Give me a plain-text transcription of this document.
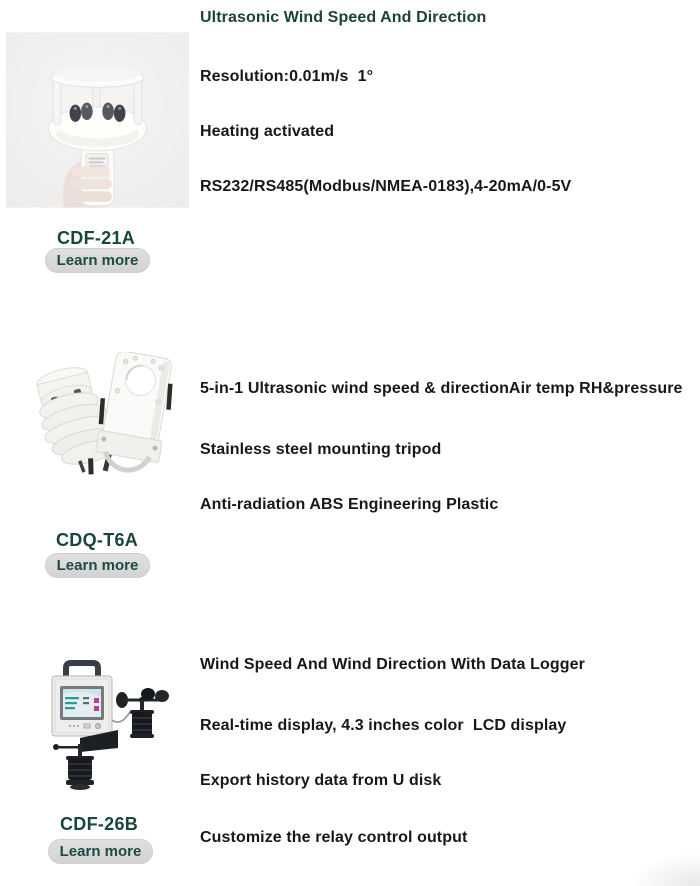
Ultrasonic Wind Speed And Direction
Resolution:0.01m/s  1°
Heating activated
RS232/RS485(Modbus/NMEA-0183),4-20mA/0-5V
CDF-21A
Learn more
5-in-1 Ultrasonic wind speed & directionAir temp RH&pressure
Stainless steel mounting tripod
Anti-radiation ABS Engineering Plastic
CDQ-T6A
Learn more
Wind Speed And Wind Direction With Data Logger
Real-time display, 4.3 inches color  LCD display
Export history data from U disk
Customize the relay control output
CDF-26B
Learn more
